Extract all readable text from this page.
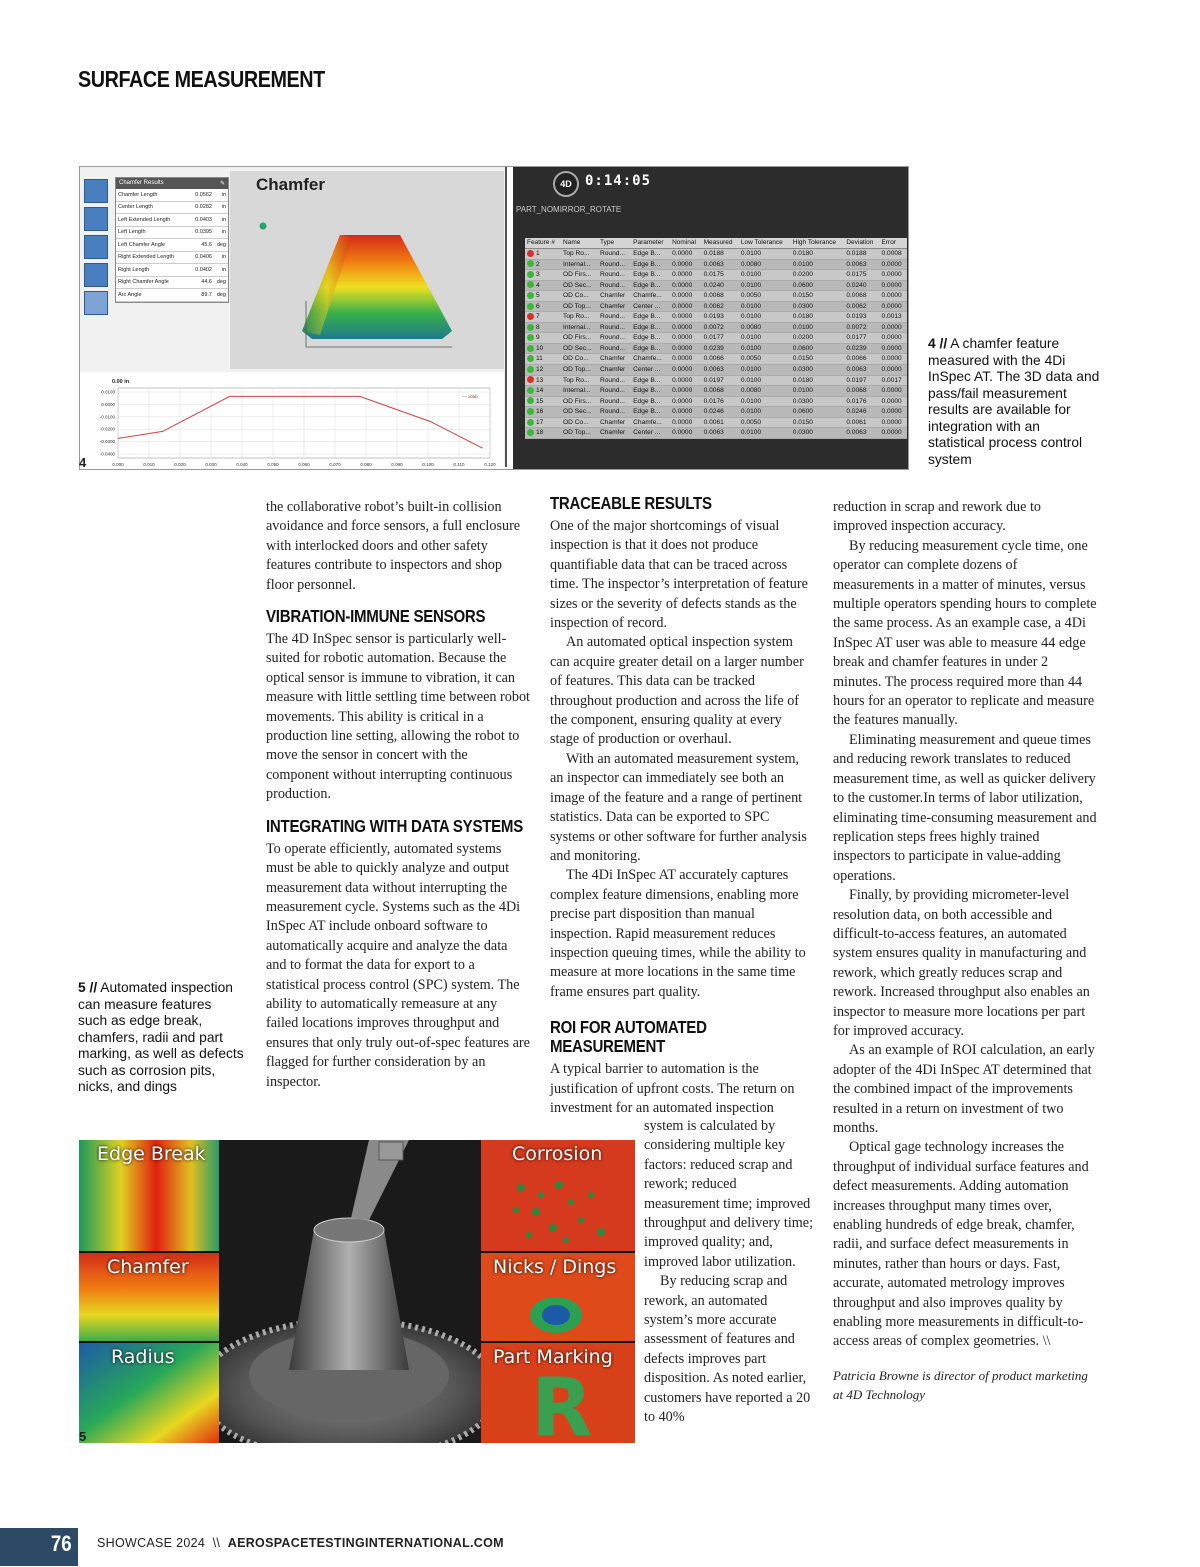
SURFACE MEASUREMENT
Chamfer Results	✎
Chamfer Length	0.0562	in
Center Length	0.0282	in
Left Extended Length	0.0403	in
Left Length	0.0395	in
Left Chamfer Angle	45.6 deg
Right Extended Length	0.0406	in
Right Length	0.0402	in
Right Chamfer Angle	44.6 deg
Arc Angle	89.7 deg
Chamfer
0.000	0.010	0.020	0.030	0.040	0.050	0.060	0.070	0.080	0.090	0.100	0.110	0.120
0.0100
0.0000
-0.0100
-0.0200
-0.0300
-0.0400
0.00 in
— 10ab
4D 0:14:05
PART_NOMIRROR_ROTATE
Feature #	Name	Type	Parameter	Nominal	Measured	Low Tolerance	High Tolerance	Deviation	Error
1	Top Ro...	Round...	Edge B...	0.0000	0.0188	0.0100	0.0180	0.0188	0.0008
2	Internal...	Round...	Edge B...	0.0000	0.0063	0.0080	0.0100	0.0063	0.0000
3	OD Firs...	Round...	Edge B...	0.0000	0.0175	0.0100	0.0200	0.0175	0.0000
4	OD Sec...	Round...	Edge B...	0.0000	0.0240	0.0100	0.0600	0.0240	0.0000
5	OD Co...	Chamfer	Chamfe...	0.0000	0.0068	0.0050	0.0150	0.0068	0.0000
6	OD Top...	Chamfer	Center ...	0.0000	0.0062	0.0100	0.0300	0.0062	0.0000
7	Top Ro...	Round...	Edge B...	0.0000	0.0193	0.0100	0.0180	0.0193	0.0013
8	Internal...	Round...	Edge B...	0.0000	0.0072	0.0080	0.0100	0.0072	0.0000
9	OD Firs...	Round...	Edge B...	0.0000	0.0177	0.0100	0.0200	0.0177	0.0000
10	OD Sec...	Round...	Edge B...	0.0000	0.0239	0.0100	0.0600	0.0239	0.0000
11	OD Co...	Chamfer	Chamfe...	0.0000	0.0066	0.0050	0.0150	0.0066	0.0000
12	OD Top...	Chamfer	Center ...	0.0000	0.0063	0.0100	0.0300	0.0063	0.0000
13	Top Ro...	Round...	Edge B...	0.0000	0.0197	0.0100	0.0180	0.0197	0.0017
14	Internal...	Round...	Edge B...	0.0000	0.0068	0.0080	0.0100	0.0068	0.0000
15	OD Firs...	Round...	Edge B...	0.0000	0.0176	0.0100	0.0300	0.0176	0.0000
16	OD Sec...	Round...	Edge B...	0.0000	0.0246	0.0100	0.0600	0.0246	0.0000
17	OD Co...	Chamfer	Chamfe...	0.0000	0.0061	0.0050	0.0150	0.0061	0.0000
18	OD Top...	Chamfer	Center ...	0.0000	0.0063	0.0100	0.0300	0.0063	0.0000
4
4 // A chamfer feature measured with the 4Di InSpec AT. The 3D data and pass/fail measurement results are available for integration with an statistical process control system
5 // Automated inspection can measure features such as edge break, chamfers, radii and part marking, as well as defects such as corrosion pits, nicks, and dings

the collaborative robot’s built-in collision avoidance and force sensors, a full enclosure with interlocked doors and other safety features contribute to inspectors and shop floor personnel.

VIBRATION-IMMUNE SENSORS

The 4D InSpec sensor is particularly well-suited for robotic automation. Because the optical sensor is immune to vibration, it can measure with little settling time between robot movements. This ability is critical in a production line setting, allowing the robot to move the sensor in concert with the component without interrupting continuous production.

INTEGRATING WITH DATA SYSTEMS

To operate efficiently, automated systems must be able to quickly analyze and output measurement data without interrupting the measurement cycle. Systems such as the 4Di InSpec AT include onboard software to automatically acquire and analyze the data and to format the data for export to a statistical process control (SPC) system. The ability to automatically remeasure at any failed locations improves throughput and ensures that only truly out-of-spec features are flagged for further consideration by an inspector.

TRACEABLE RESULTS

One of the major shortcomings of visual inspection is that it does not produce quantifiable data that can be traced across time. The inspector’s interpretation of feature sizes or the severity of defects stands as the inspection of record.

An automated optical inspection system can acquire greater detail on a larger number of features. This data can be tracked throughout production and across the life of the component, ensuring quality at every stage of production or overhaul.

With an automated measurement system, an inspector can immediately see both an image of the feature and a range of pertinent statistics. Data can be exported to SPC systems or other software for further analysis and monitoring.

The 4Di InSpec AT accurately captures complex feature dimensions, enabling more precise part disposition than manual inspection. Rapid measurement reduces inspection queuing times, while the ability to measure at more locations in the same time frame ensures part quality.

ROI FOR AUTOMATED MEASUREMENT

A typical barrier to automation is the justification of upfront costs. The return on investment for an automated inspection

system is calculated by considering multiple key factors: reduced scrap and rework; reduced measurement time; improved throughput and delivery time; improved quality; and, improved labor utilization.

By reducing scrap and rework, an automated system’s more accurate assessment of features and defects improves part disposition. As noted earlier, customers have reported a 20 to 40%

reduction in scrap and rework due to improved inspection accuracy.

By reducing measurement cycle time, one operator can complete dozens of measurements in a matter of minutes, versus multiple operators spending hours to complete the same process. As an example case, a 4Di InSpec AT user was able to measure 44 edge break and chamfer features in under 2 minutes. The process required more than 44 hours for an operator to replicate and measure the features manually.

Eliminating measurement and queue times and reducing rework translates to reduced measurement time, as well as quicker delivery to the customer.In terms of labor utilization, eliminating time-consuming measurement and replication steps frees highly trained inspectors to participate in value-adding operations.

Finally, by providing micrometer-level resolution data, on both accessible and difficult-to-access features, an automated system ensures quality in manufacturing and rework, which greatly reduces scrap and rework. Increased throughput also enables an inspector to measure more locations per part for improved accuracy.

As an example of ROI calculation, an early adopter of the 4Di InSpec AT determined that the combined impact of the improvements resulted in a return on investment of two months.

Optical gage technology increases the throughput of individual surface features and defect measurements. Adding automation increases throughput many times over, enabling hundreds of edge break, chamfer, radii, and surface defect measurements in minutes, rather than hours or days. Fast, accurate, automated metrology improves throughput and also improves quality by enabling more measurements in difficult-to-access areas of complex geometries. \\

Patricia Browne is director of product marketing at 4D Technology

Edge Break
Chamfer
Radius
R
Corrosion
Nicks / Dings
Part Marking
5
76	SHOWCASE 2024 \\ AEROSPACETESTINGINTERNATIONAL.COM
